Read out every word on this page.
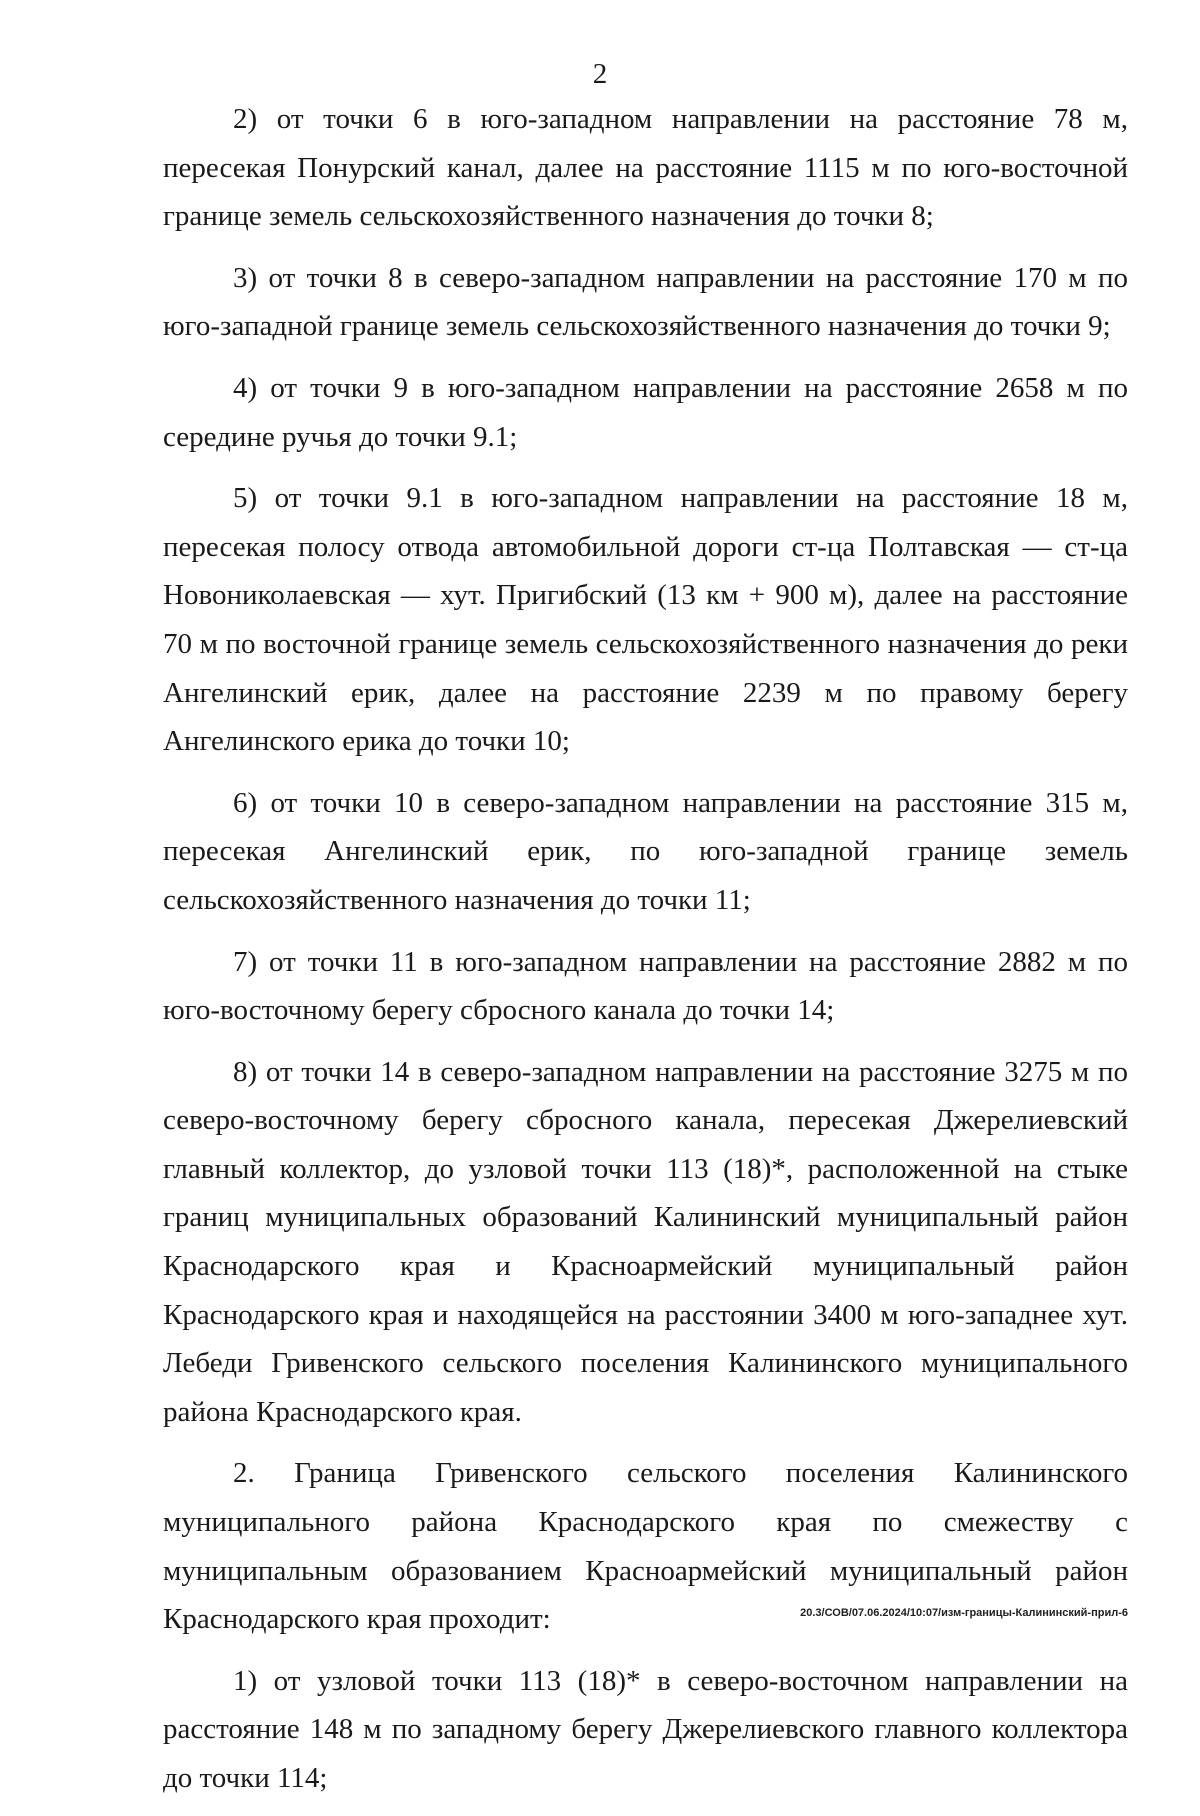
2

2) от точки 6 в юго-западном направлении на расстояние 78 м, пересекая Понурский канал, далее на расстояние 1115 м по юго-восточной границе земель сельскохозяйственного назначения до точки 8;

3) от точки 8 в северо-западном направлении на расстояние 170 м по юго-западной границе земель сельскохозяйственного назначения до точки 9;

4) от точки 9 в юго-западном направлении на расстояние 2658 м по середине ручья до точки 9.1;

5) от точки 9.1 в юго-западном направлении на расстояние 18 м, пересекая полосу отвода автомобильной дороги ст-ца Полтавская — ст-ца Новониколаевская — хут. Пригибский (13 км + 900 м), далее на расстояние 70 м по восточной границе земель сельскохозяйственного назначения до реки Ангелинский ерик, далее на расстояние 2239 м по правому берегу Ангелинского ерика до точки 10;

6) от точки 10 в северо-западном направлении на расстояние 315 м, пересекая Ангелинский ерик, по юго-западной границе земель сельскохозяйственного назначения до точки 11;

7) от точки 11 в юго-западном направлении на расстояние 2882 м по юго-восточному берегу сбросного канала до точки 14;

8) от точки 14 в северо-западном направлении на расстояние 3275 м по северо-восточному берегу сбросного канала, пересекая Джерелиевский главный коллектор, до узловой точки 113 (18)*, расположенной на стыке границ муниципальных образований Калининский муниципальный район Краснодарского края и Красноармейский муниципальный район Краснодарского края и находящейся на расстоянии 3400 м юго-западнее хут. Лебеди Гривенского сельского поселения Калининского муниципального района Краснодарского края.

2. Граница Гривенского сельского поселения Калининского муниципального района Краснодарского края по смежеству с муниципальным образованием Красноармейский муниципальный район Краснодарского края проходит:

1) от узловой точки 113 (18)* в северо-восточном направлении на расстояние 148 м по западному берегу Джерелиевского главного коллектора до точки 114;

20.3/СОВ/07.06.2024/10:07/изм-границы-Калининский-прил-6
